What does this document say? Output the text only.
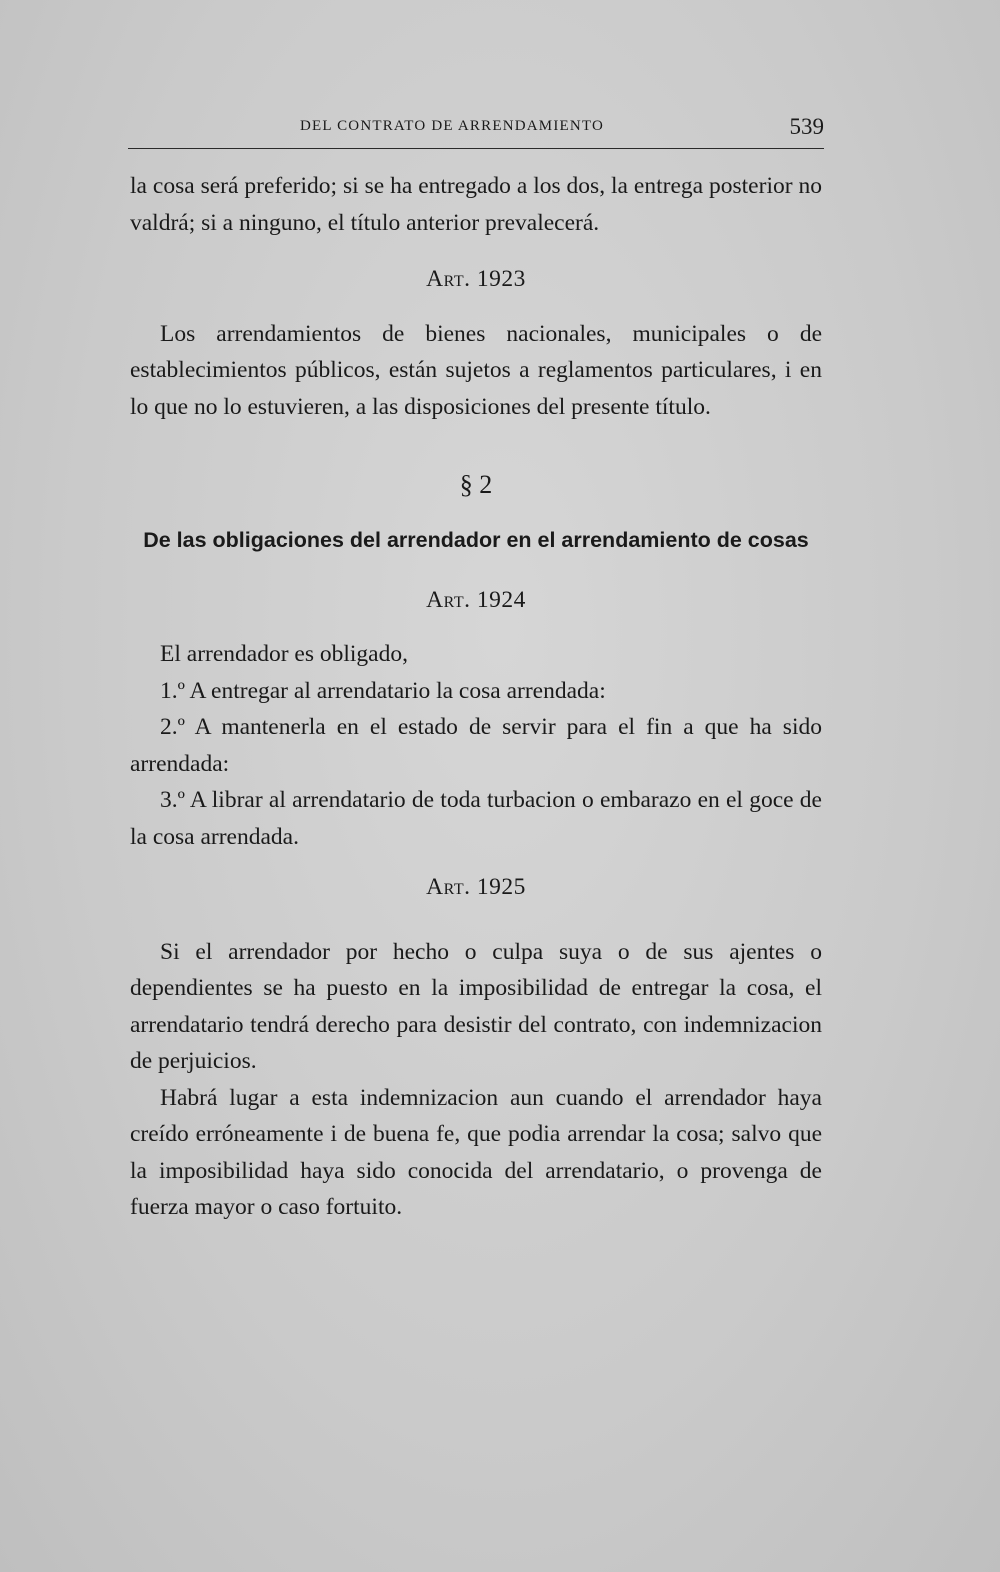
DEL CONTRATO DE ARRENDAMIENTO	539

la cosa será preferido; si se ha entregado a los dos, la entrega posterior no valdrá; si a ninguno, el título anterior prevalecerá.

Art. 1923

Los arrendamientos de bienes nacionales, municipales o de establecimientos públicos, están sujetos a reglamentos particulares, i en lo que no lo estuvieren, a las disposiciones del presente título.

§ 2

De las obligaciones del arrendador en el arrendamiento de cosas

Art. 1924

El arrendador es obligado,

1.º A entregar al arrendatario la cosa arrendada:

2.º A mantenerla en el estado de servir para el fin a que ha sido arrendada:

3.º A librar al arrendatario de toda turbacion o embarazo en el goce de la cosa arrendada.

Art. 1925

Si el arrendador por hecho o culpa suya o de sus ajentes o dependientes se ha puesto en la imposibilidad de entregar la cosa, el arrendatario tendrá derecho para desistir del contrato, con indemnizacion de perjuicios.

Habrá lugar a esta indemnizacion aun cuando el arrendador haya creído erróneamente i de buena fe, que podia arrendar la cosa; salvo que la imposibilidad haya sido conocida del arrendatario, o provenga de fuerza mayor o caso fortuito.
